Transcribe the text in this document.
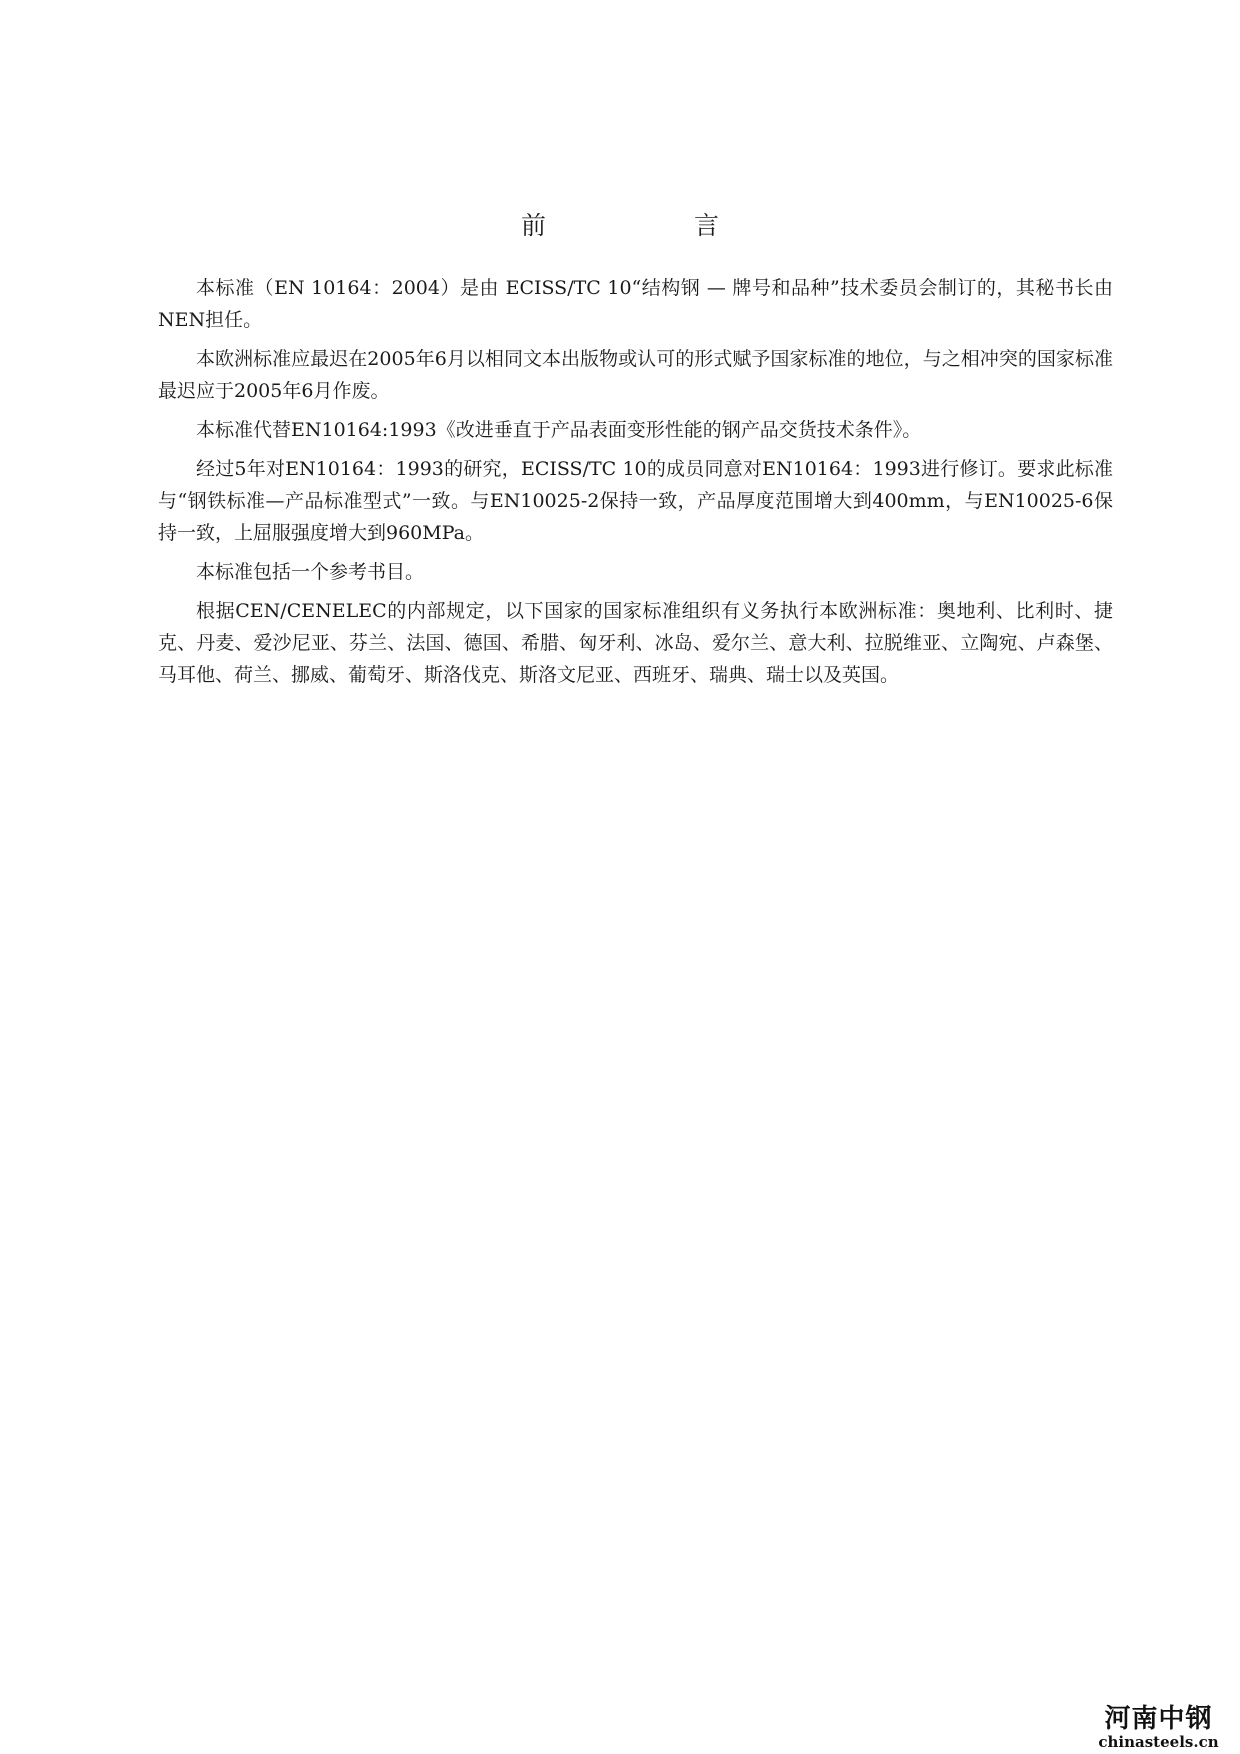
前 言

本标准（EN 10164：2004）是由 ECISS/TC 10“结构钢 — 牌号和品种”技术委员会制订的，其秘书长由NEN担任。

本欧洲标准应最迟在2005年6月以相同文本出版物或认可的形式赋予国家标准的地位，与之相冲突的国家标准最迟应于2005年6月作废。

本标准代替EN10164:1993《改进垂直于产品表面变形性能的钢产品交货技术条件》。

经过5年对EN10164：1993的研究，ECISS/TC 10的成员同意对EN10164：1993进行修订。要求此标准与“钢铁标准—产品标准型式”一致。与EN10025-2保持一致，产品厚度范围增大到400mm，与EN10025-6保持一致，上屈服强度增大到960MPa。

本标准包括一个参考书目。

根据CEN/CENELEC的内部规定，以下国家的国家标准组织有义务执行本欧洲标准：奥地利、比利时、捷克、丹麦、爱沙尼亚、芬兰、法国、德国、希腊、匈牙利、冰岛、爱尔兰、意大利、拉脱维亚、立陶宛、卢森堡、马耳他、荷兰、挪威、葡萄牙、斯洛伐克、斯洛文尼亚、西班牙、瑞典、瑞士以及英国。

河南中钢
chinasteels.cn
